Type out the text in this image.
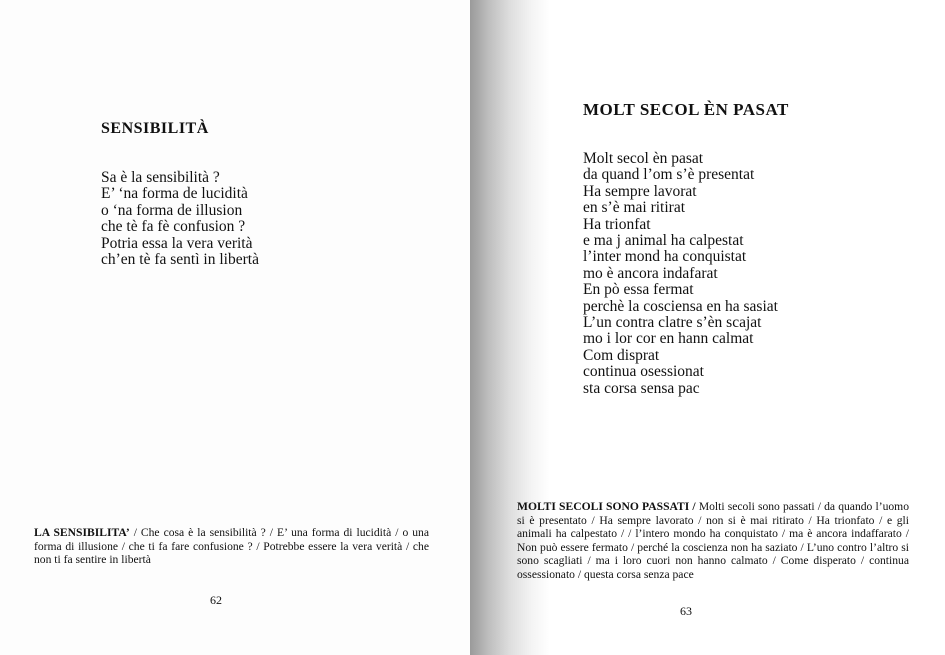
SENSIBILITÀ
Sa è la sensibilità ?
E’ ‘na forma de lucidità
o ‘na forma de illusion
che tè fa fè confusion ?
Potria essa la vera verità
ch’en tè fa sentì in libertà
LA SENSIBILITA’ / Che cosa è la sensibilità ? / E’ una forma di lucidità / o una forma di illusione / che ti fa fare confusione ? / Potrebbe essere la vera verità / che non ti fa sentire in libertà
62
MOLT SECOL ÈN PASAT
Molt secol èn pasat
da quand l’om s’è presentat
Ha sempre lavorat
en s’è mai ritirat
Ha trionfat
e ma j animal ha calpestat
l’inter mond ha conquistat
mo è ancora indafarat
En pò essa fermat
perchè la cosciensa en ha sasiat
L’un contra clatre s’èn scajat
mo i lor cor en hann calmat
Com disprat
continua osessionat
sta corsa sensa pac
MOLTI SECOLI SONO PASSATI / Molti secoli sono passati / da quando l’uomo si è presentato / Ha sempre lavorato / non si è mai ritirato / Ha trionfato / e gli animali ha calpestato / / l’intero mondo ha conquistato / ma è ancora indaffarato / Non può essere fermato / perché la coscienza non ha saziato / L’uno contro l’altro si sono scagliati / ma i loro cuori non hanno calmato / Come disperato / continua ossessionato / questa corsa senza pace
63
